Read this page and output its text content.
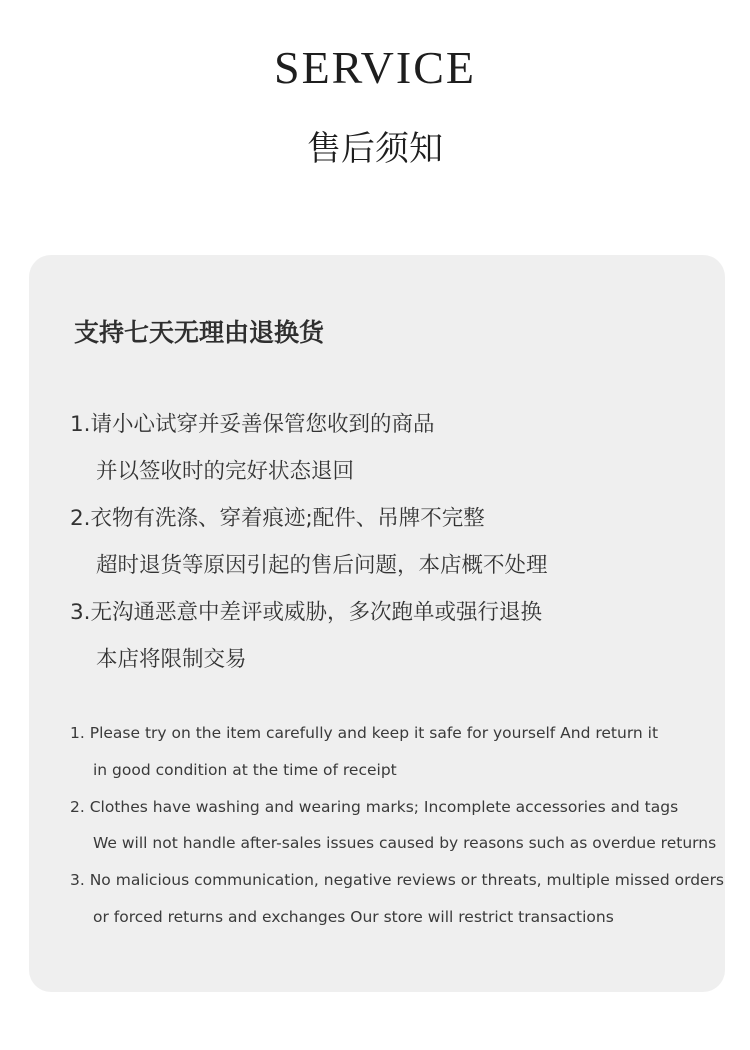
SERVICE
售后须知
支持七天无理由退换货
1.请小心试穿并妥善保管您收到的商品
并以签收时的完好状态退回
2.衣物有洗涤、穿着痕迹;配件、吊牌不完整
超时退货等原因引起的售后问题，本店概不处理
3.无沟通恶意中差评或威胁，多次跑单或强行退换
本店将限制交易
1. Please try on the item carefully and keep it safe for yourself And return it
in good condition at the time of receipt
2. Clothes have washing and wearing marks; Incomplete accessories and tags
We will not handle after-sales issues caused by reasons such as overdue returns
3. No malicious communication, negative reviews or threats, multiple missed orders
or forced returns and exchanges Our store will restrict transactions
